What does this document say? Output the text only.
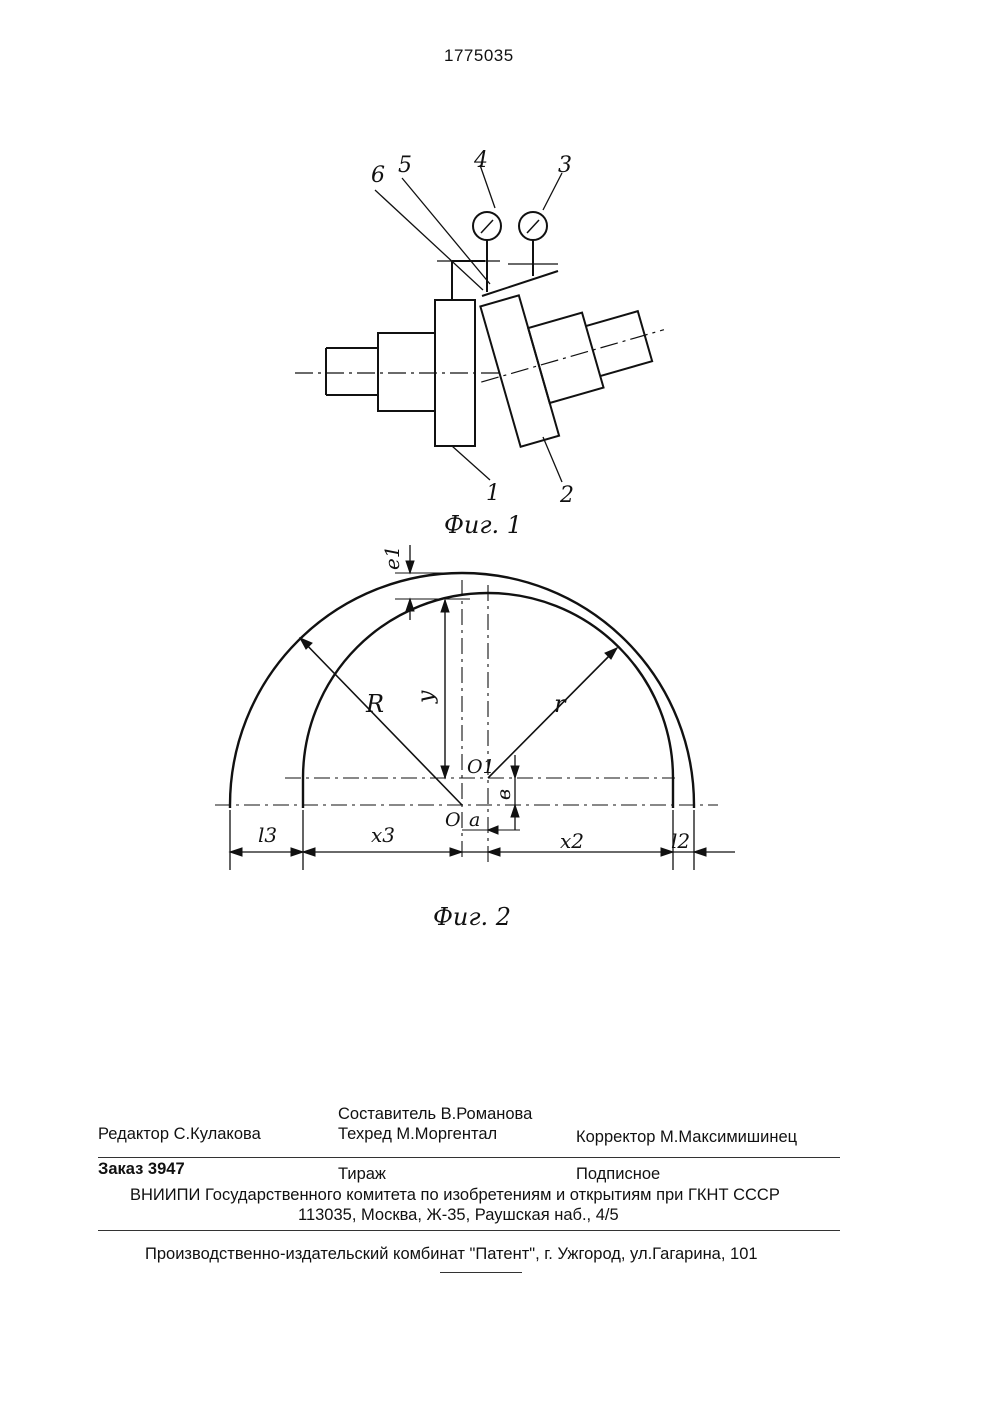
1775035
6 5	4	3
1	2
Фиг. 1
e1
R y	r
O1
в
O a
l3	x3	x2	l2
Фиг. 2
Составитель В.Романова
Редактор С.Кулакова	Техред М.Моргентал	Корректор М.Максимишинец
Заказ 3947	Тираж	Подписное
ВНИИПИ Государственного комитета по изобретениям и открытиям при ГКНТ СССР
113035, Москва, Ж-35, Раушская наб., 4/5
Производственно-издательский комбинат "Патент", г. Ужгород, ул.Гагарина, 101
